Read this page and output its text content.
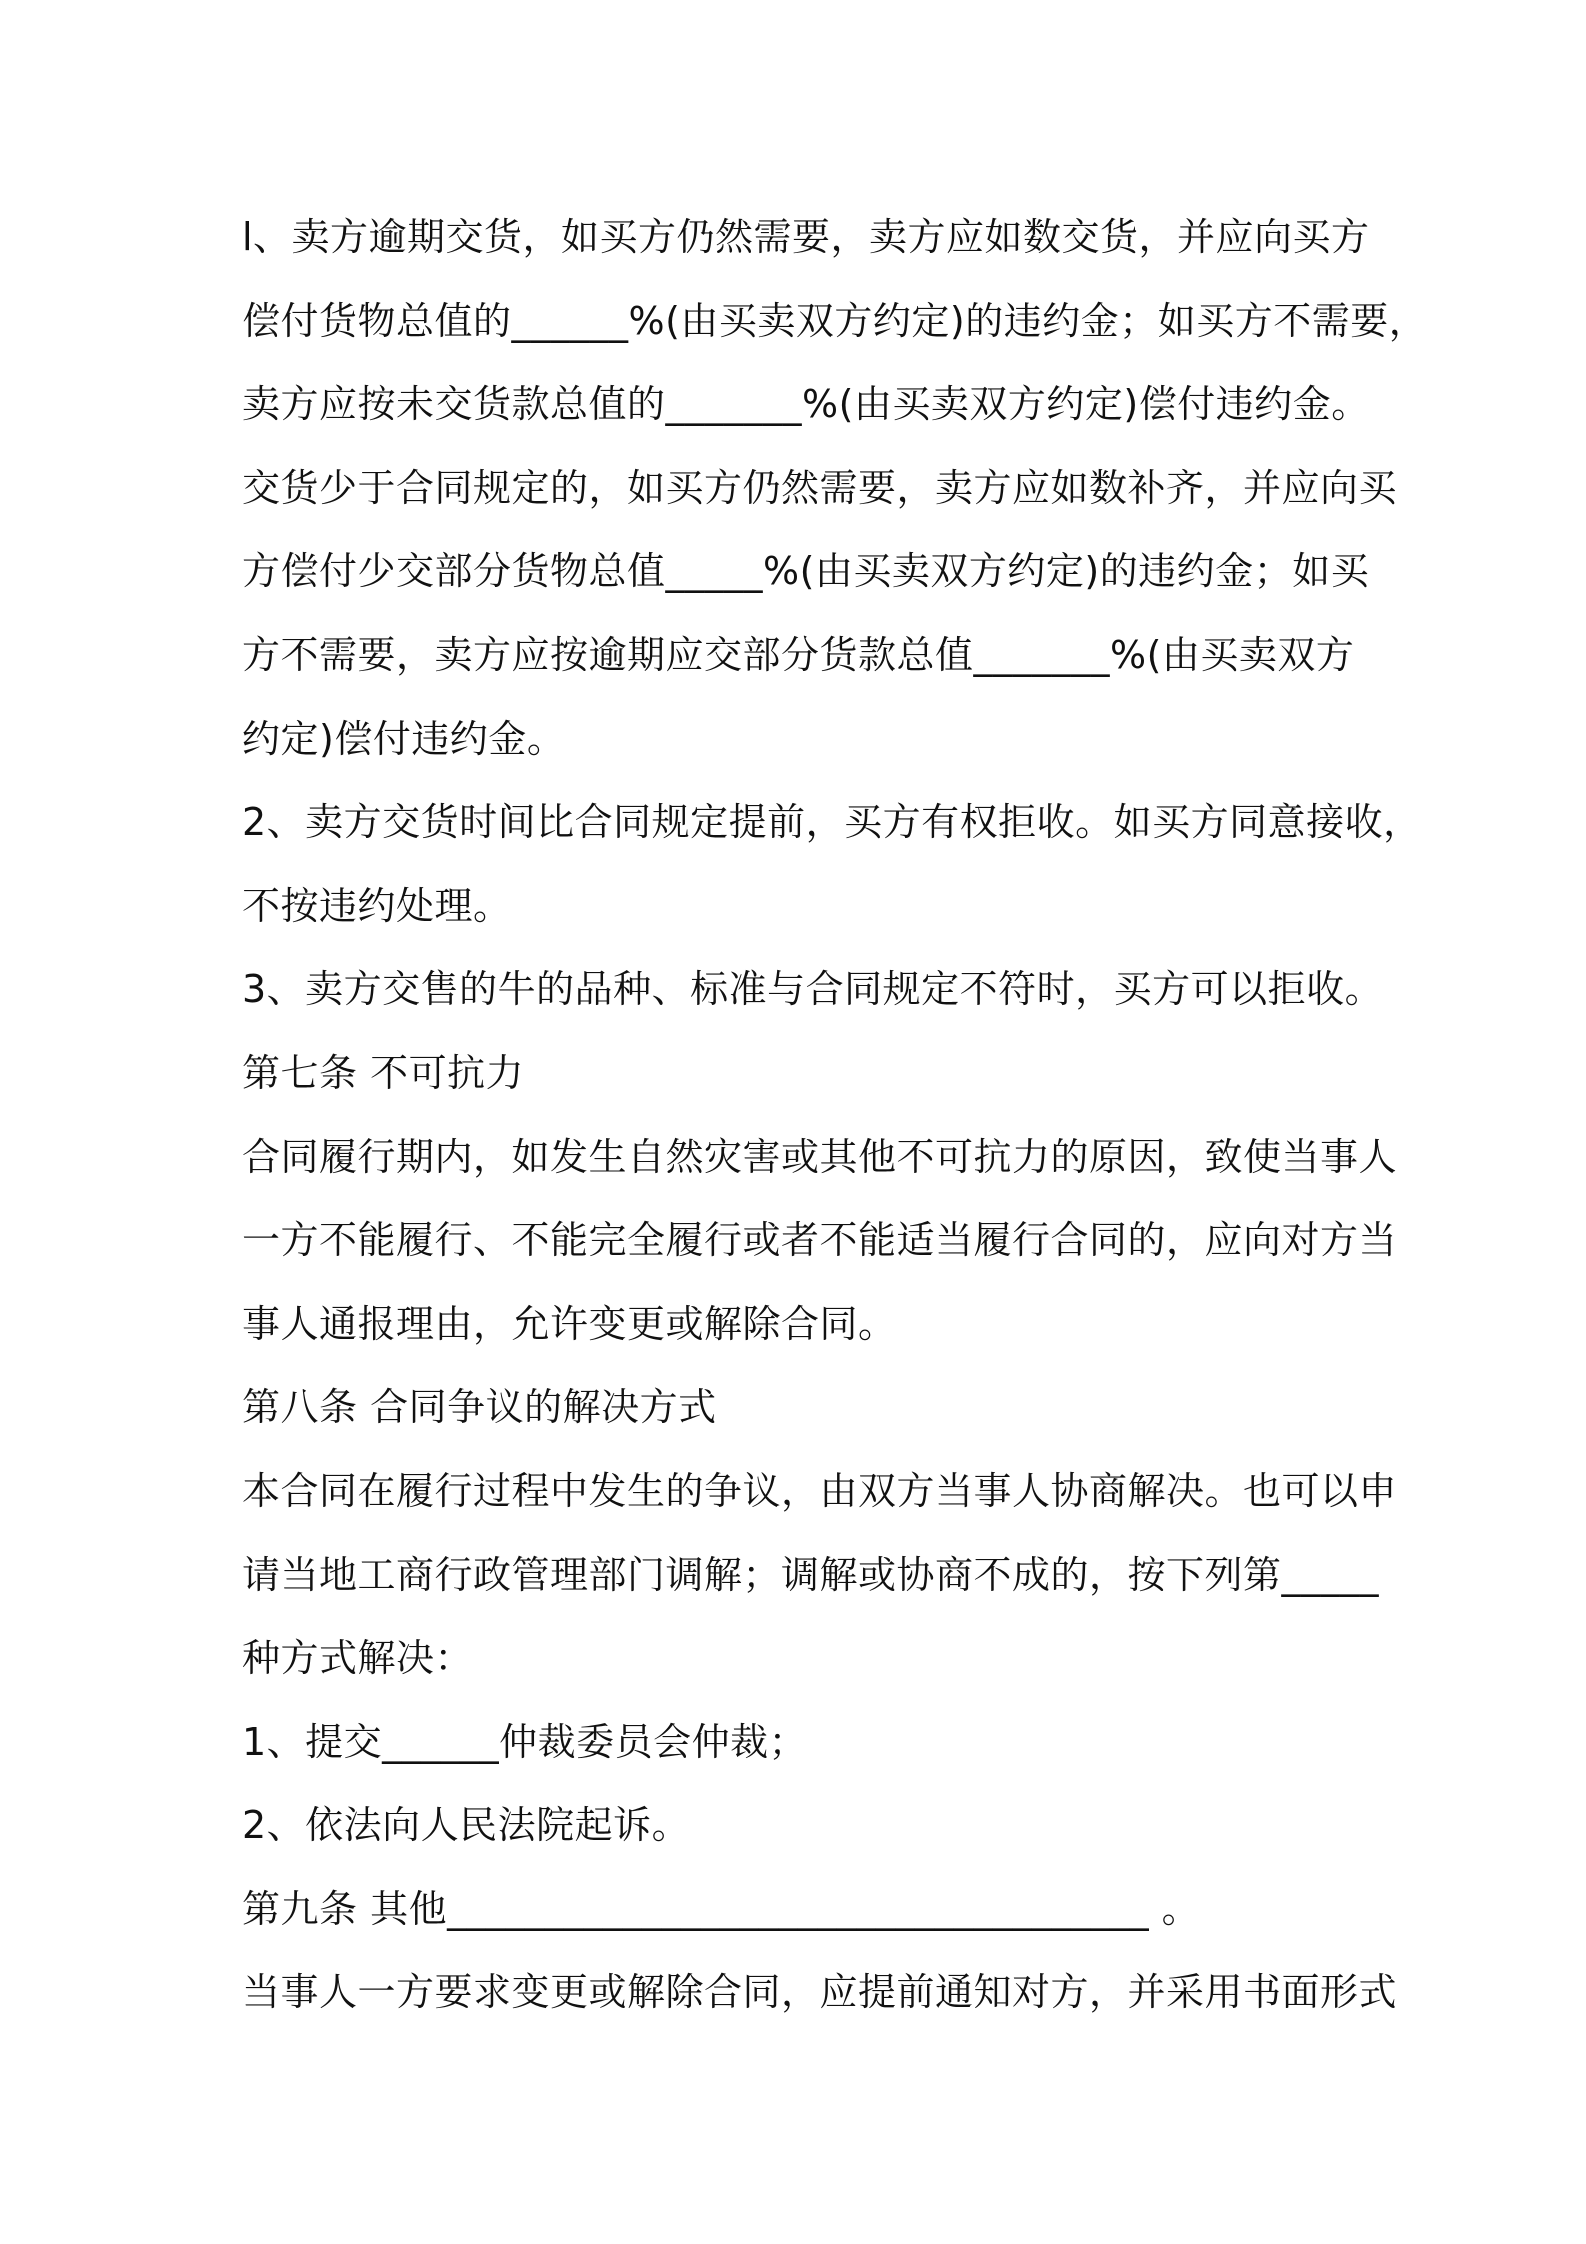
l、卖方逾期交货，如买方仍然需要，卖方应如数交货，并应向买方
偿付货物总值的______%(由买卖双方约定)的违约金；如买方不需要，
卖方应按未交货款总值的_______%(由买卖双方约定)偿付违约金。
交货少于合同规定的，如买方仍然需要，卖方应如数补齐，并应向买
方偿付少交部分货物总值_____%(由买卖双方约定)的违约金；如买
方不需要，卖方应按逾期应交部分货款总值_______%(由买卖双方
约定)偿付违约金。
2、卖方交货时间比合同规定提前，买方有权拒收。如买方同意接收，
不按违约处理。
3、卖方交售的牛的品种、标准与合同规定不符时，买方可以拒收。
第七条 不可抗力
合同履行期内，如发生自然灾害或其他不可抗力的原因，致使当事人
一方不能履行、不能完全履行或者不能适当履行合同的，应向对方当
事人通报理由，允许变更或解除合同。
第八条 合同争议的解决方式
本合同在履行过程中发生的争议，由双方当事人协商解决。也可以申
请当地工商行政管理部门调解；调解或协商不成的，按下列第_____
种方式解决：
1、提交______仲裁委员会仲裁；
2、依法向人民法院起诉。
第九条 其他____________________________________ 。
当事人一方要求变更或解除合同，应提前通知对方，并采用书面形式
